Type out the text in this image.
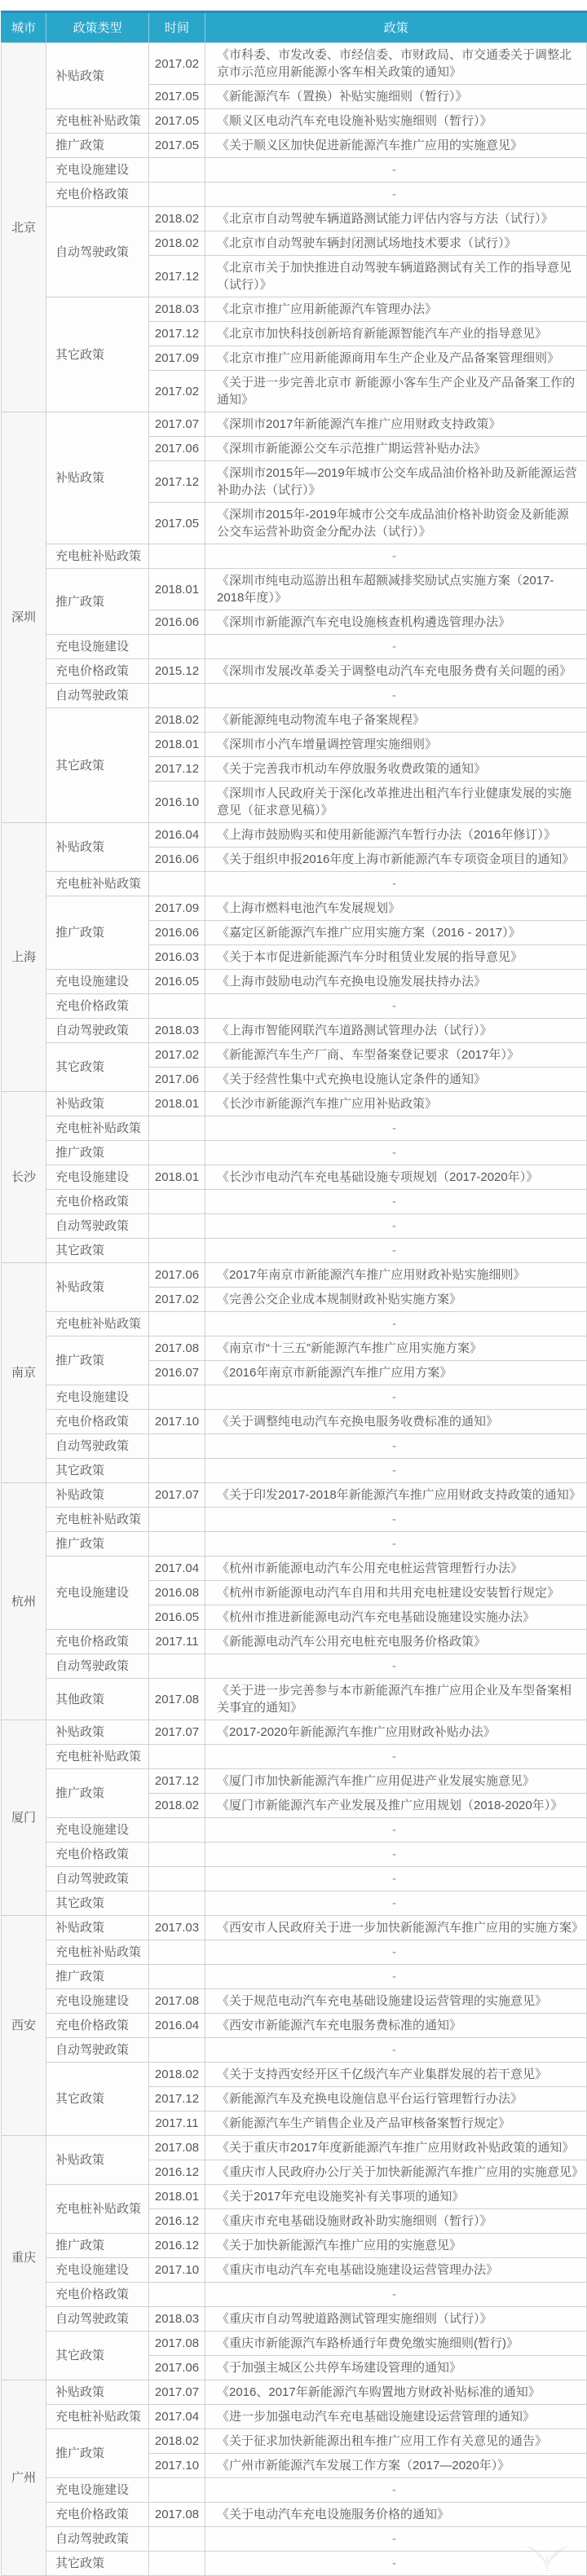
城市	政策类型	时间	政策
北京	补贴政策	2017.02	《市科委、市发改委、市经信委、市财政局、市交通委关于调整北京市示范应用新能源小客车相关政策的通知》
		2017.05	《新能源汽车（置换）补贴实施细则（暂行）》
	充电桩补贴政策	2017.05	《顺义区电动汽车充电设施补贴实施细则（暂行）》
	推广政策	2017.05	《关于顺义区加快促进新能源汽车推广应用的实施意见》
	充电设施建设		-
	充电价格政策		-
	自动驾驶政策	2018.02	《北京市自动驾驶车辆道路测试能力评估内容与方法（试行）》
		2018.02	《北京市自动驾驶车辆封闭测试场地技术要求（试行）》
		2017.12	《北京市关于加快推进自动驾驶车辆道路测试有关工作的指导意见（试行）》
	其它政策	2018.03	《北京市推广应用新能源汽车管理办法》
		2017.12	《北京市加快科技创新培育新能源智能汽车产业的指导意见》
		2017.09	《北京市推广应用新能源商用车生产企业及产品备案管理细则》
		2017.02	《关于进一步完善北京市 新能源小客车生产企业及产品备案工作的通知》
深圳	补贴政策	2017.07	《深圳市2017年新能源汽车推广应用财政支持政策》
		2017.06	《深圳市新能源公交车示范推广期运营补贴办法》
		2017.12	《深圳市2015年—2019年城市公交车成品油价格补助及新能源运营补助办法（试行）》
		2017.05	《深圳市2015年-2019年城市公交车成品油价格补助资金及新能源公交车运营补助资金分配办法（试行）》
	充电桩补贴政策		-
	推广政策	2018.01	《深圳市纯电动巡游出租车超额减排奖励试点实施方案（2017-2018年度）》
		2016.06	《深圳市新能源汽车充电设施核查机构遴选管理办法》
	充电设施建设		-
	充电价格政策	2015.12	《深圳市发展改革委关于调整电动汽车充电服务费有关问题的函》
	自动驾驶政策		-
	其它政策	2018.02	《新能源纯电动物流车电子备案规程》
		2018.01	《深圳市小汽车增量调控管理实施细则》
		2017.12	《关于完善我市机动车停放服务收费政策的通知》
		2016.10	《深圳市人民政府关于深化改革推进出租汽车行业健康发展的实施意见（征求意见稿）》
上海	补贴政策	2016.04	《上海市鼓励购买和使用新能源汽车暂行办法（2016年修订）》
		2016.06	《关于组织申报2016年度上海市新能源汽车专项资金项目的通知》
	充电桩补贴政策		-
	推广政策	2017.09	《上海市燃料电池汽车发展规划》
		2016.06	《嘉定区新能源汽车推广应用实施方案（2016 - 2017）》
		2016.03	《关于本市促进新能源汽车分时租赁业发展的指导意见》
	充电设施建设	2016.05	《上海市鼓励电动汽车充换电设施发展扶持办法》
	充电价格政策		-
	自动驾驶政策	2018.03	《上海市智能网联汽车道路测试管理办法（试行）》
	其它政策	2017.02	《新能源汽车生产厂商、车型备案登记要求（2017年）》
		2017.06	《关于经营性集中式充换电设施认定条件的通知》
长沙	补贴政策	2018.01	《长沙市新能源汽车推广应用补贴政策》
	充电桩补贴政策		-
	推广政策		-
	充电设施建设	2018.01	《长沙市电动汽车充电基础设施专项规划（2017-2020年）》
	充电价格政策		-
	自动驾驶政策		-
	其它政策		-
南京	补贴政策	2017.06	《2017年南京市新能源汽车推广应用财政补贴实施细则》
		2017.02	《完善公交企业成本规制财政补贴实施方案》
	充电桩补贴政策		-
	推广政策	2017.08	《南京市“十三五”新能源汽车推广应用实施方案》
		2016.07	《2016年南京市新能源汽车推广应用方案》
	充电设施建设		-
	充电价格政策	2017.10	《关于调整纯电动汽车充换电服务收费标准的通知》
	自动驾驶政策		-
	其它政策		-
杭州	补贴政策	2017.07	《关于印发2017-2018年新能源汽车推广应用财政支持政策的通知》
	充电桩补贴政策		-
	推广政策		-
	充电设施建设	2017.04	《杭州市新能源电动汽车公用充电桩运营管理暂行办法》
		2016.08	《杭州市新能源电动汽车自用和共用充电桩建设安装暂行规定》
		2016.05	《杭州市推进新能源电动汽车充电基础设施建设实施办法》
	充电价格政策	2017.11	《新能源电动汽车公用充电桩充电服务价格政策》
	自动驾驶政策		-
	其他政策	2017.08	《关于进一步完善参与本市新能源汽车推广应用企业及车型备案相关事宜的通知》
厦门	补贴政策	2017.07	《2017-2020年新能源汽车推广应用财政补贴办法》
	充电桩补贴政策		-
	推广政策	2017.12	《厦门市加快新能源汽车推广应用促进产业发展实施意见》
		2018.02	《厦门市新能源汽车产业发展及推广应用规划（2018-2020年）》
	充电设施建设		-
	充电价格政策		-
	自动驾驶政策		-
	其它政策		-
西安	补贴政策	2017.03	《西安市人民政府关于进一步加快新能源汽车推广应用的实施方案》
	充电桩补贴政策		-
	推广政策		-
	充电设施建设	2017.08	《关于规范电动汽车充电基础设施建设运营管理的实施意见》
	充电价格政策	2016.04	《西安市新能源汽车充电服务费标准的通知》
	自动驾驶政策		-
	其它政策	2018.02	《关于支持西安经开区千亿级汽车产业集群发展的若干意见》
		2017.12	《新能源汽车及充换电设施信息平台运行管理暂行办法》
		2017.11	《新能源汽车生产销售企业及产品审核备案暂行规定》
重庆	补贴政策	2017.08	《关于重庆市2017年度新能源汽车推广应用财政补贴政策的通知》
		2016.12	《重庆市人民政府办公厅关于加快新能源汽车推广应用的实施意见》
	充电桩补贴政策	2018.01	《关于2017年充电设施奖补有关事项的通知》
		2016.12	《重庆市充电基础设施财政补助实施细则（暂行）》
	推广政策	2016.12	《关于加快新能源汽车推广应用的实施意见》
	充电设施建设	2017.10	《重庆市电动汽车充电基础设施建设运营管理办法》
	充电价格政策		-
	自动驾驶政策	2018.03	《重庆市自动驾驶道路测试管理实施细则（试行）》
	其它政策	2017.08	《重庆市新能源汽车路桥通行年费免缴实施细则(暂行)》
		2017.06	《于加强主城区公共停车场建设管理的通知》
广州	补贴政策	2017.07	《2016、2017年新能源汽车购置地方财政补贴标准的通知》
	充电桩补贴政策	2017.04	《进一步加强电动汽车充电基础设施建设运营管理的通知》
	推广政策	2018.02	《关于征求加快新能源出租车推广应用工作有关意见的通告》
		2017.10	《广州市新能源汽车发展工作方案（2017—2020年）》
	充电设施建设		-
	充电价格政策	2017.08	《关于电动汽车充电设施服务价格的通知》
	自动驾驶政策		-
	其它政策		-
